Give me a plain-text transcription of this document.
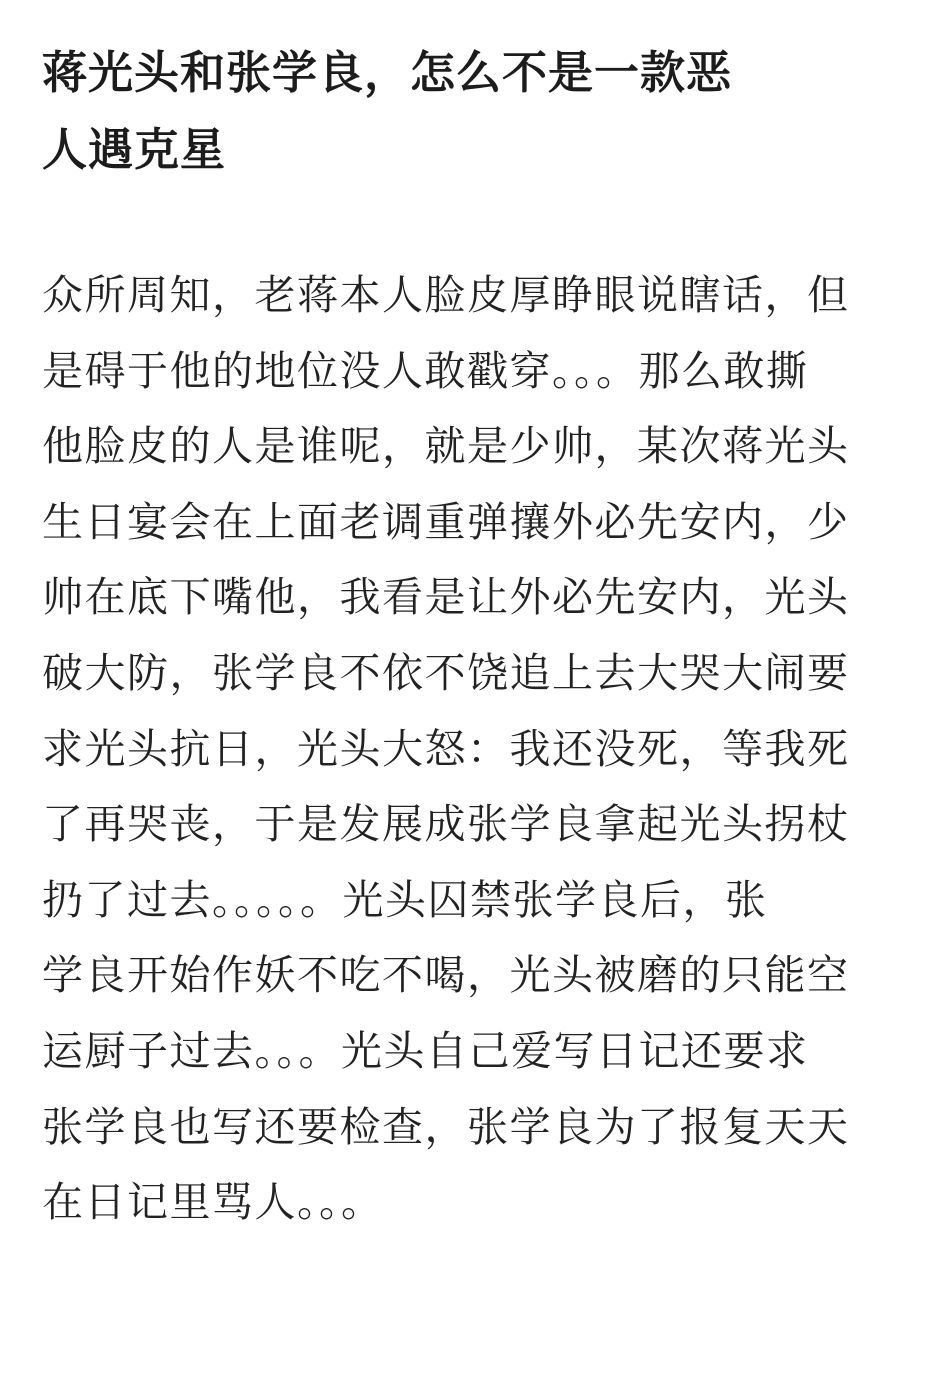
蒋光头和张学良，怎么不是一款恶
人遇克星
众所周知，老蒋本人脸皮厚睁眼说瞎话，但
是碍于他的地位没人敢戳穿。。。那么敢撕
他脸皮的人是谁呢，就是少帅，某次蒋光头
生日宴会在上面老调重弹攘外必先安内，少
帅在底下嘴他，我看是让外必先安内，光头
破大防，张学良不依不饶追上去大哭大闹要
求光头抗日，光头大怒：我还没死，等我死
了再哭丧，于是发展成张学良拿起光头拐杖
扔了过去。。。。。光头囚禁张学良后，张
学良开始作妖不吃不喝，光头被磨的只能空
运厨子过去。。。光头自己爱写日记还要求
张学良也写还要检查，张学良为了报复天天
在日记里骂人。。。
